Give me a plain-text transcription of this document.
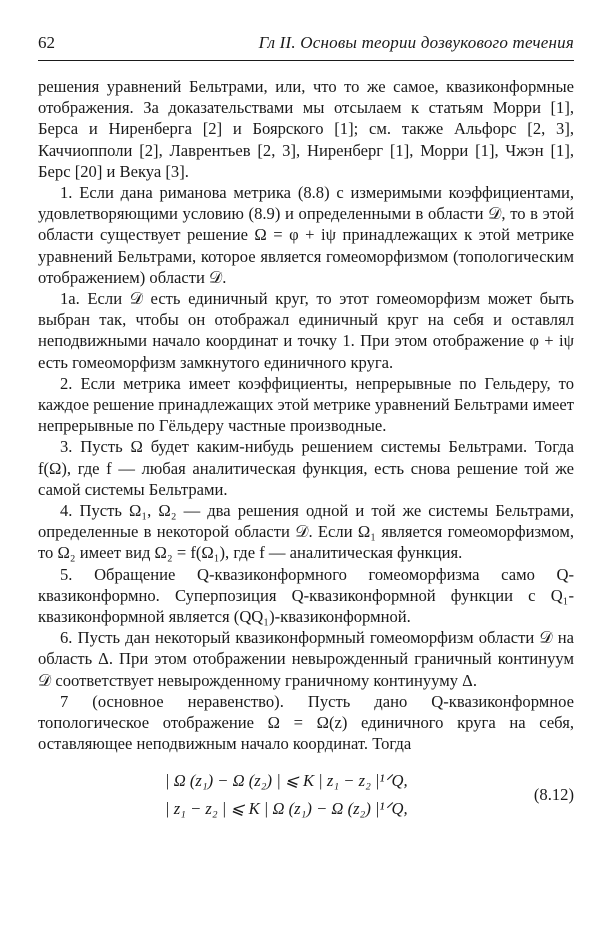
62	Гл II. Основы теории дозвукового течения

решения уравнений Бельтрами, или, что то же самое, квазиконформные отображения. За доказательствами мы отсылаем к статьям Морри [1], Берса и Ниренберга [2] и Боярского [1]; см. также Альфорс [2, 3], Каччиопполи [2], Лаврентьев [2, 3], Ниренберг [1], Морри [1], Чжэн [1], Берс [20] и Векуа [3].

1. Если дана риманова метрика (8.8) с измеримыми коэффициентами, удовлетворяющими условию (8.9) и определенными в области 𝒟, то в этой области существует решение Ω = φ + iψ принадлежащих к этой метрике уравнений Бельтрами, которое является гомеоморфизмом (топологическим отображением) области 𝒟.

1а. Если 𝒟 есть единичный круг, то этот гомеоморфизм может быть выбран так, чтобы он отображал единичный круг на себя и оставлял неподвижными начало координат и точку 1. При этом отображение φ + iψ есть гомеоморфизм замкнутого единичного круга.

2. Если метрика имеет коэффициенты, непрерывные по Гельдеру, то каждое решение принадлежащих этой метрике уравнений Бельтрами имеет непрерывные по Гёльдеру частные производные.

3. Пусть Ω будет каким-нибудь решением системы Бельтрами. Тогда f(Ω), где f — любая аналитическая функция, есть снова решение той же самой системы Бельтрами.

4. Пусть Ω₁, Ω₂ — два решения одной и той же системы Бельтрами, определенные в некоторой области 𝒟. Если Ω₁ является гомеоморфизмом, то Ω₂ имеет вид Ω₂ = f(Ω₁), где f — аналитическая функция.

5. Обращение Q-квазиконформного гомеоморфизма само Q-квазиконформно. Суперпозиция Q-квазиконформной функции с Q₁-квазиконформной является (QQ₁)-квазиконформной.

6. Пусть дан некоторый квазиконформный гомеоморфизм области 𝒟 на область Δ. При этом отображении невырожденный граничный континуум 𝒟 соответствует невырожденному граничному континууму Δ.

7 (основное неравенство). Пусть дано Q-квазиконформное топологическое отображение Ω = Ω(z) единичного круга на себя, оставляющее неподвижным начало координат. Тогда

| Ω (z₁) − Ω (z₂) | ⩽ K | z₁ − z₂ |¹ᐟQ,
| z₁ − z₂ | ⩽ K | Ω (z₁) − Ω (z₂) |¹ᐟQ,
(8.12)
